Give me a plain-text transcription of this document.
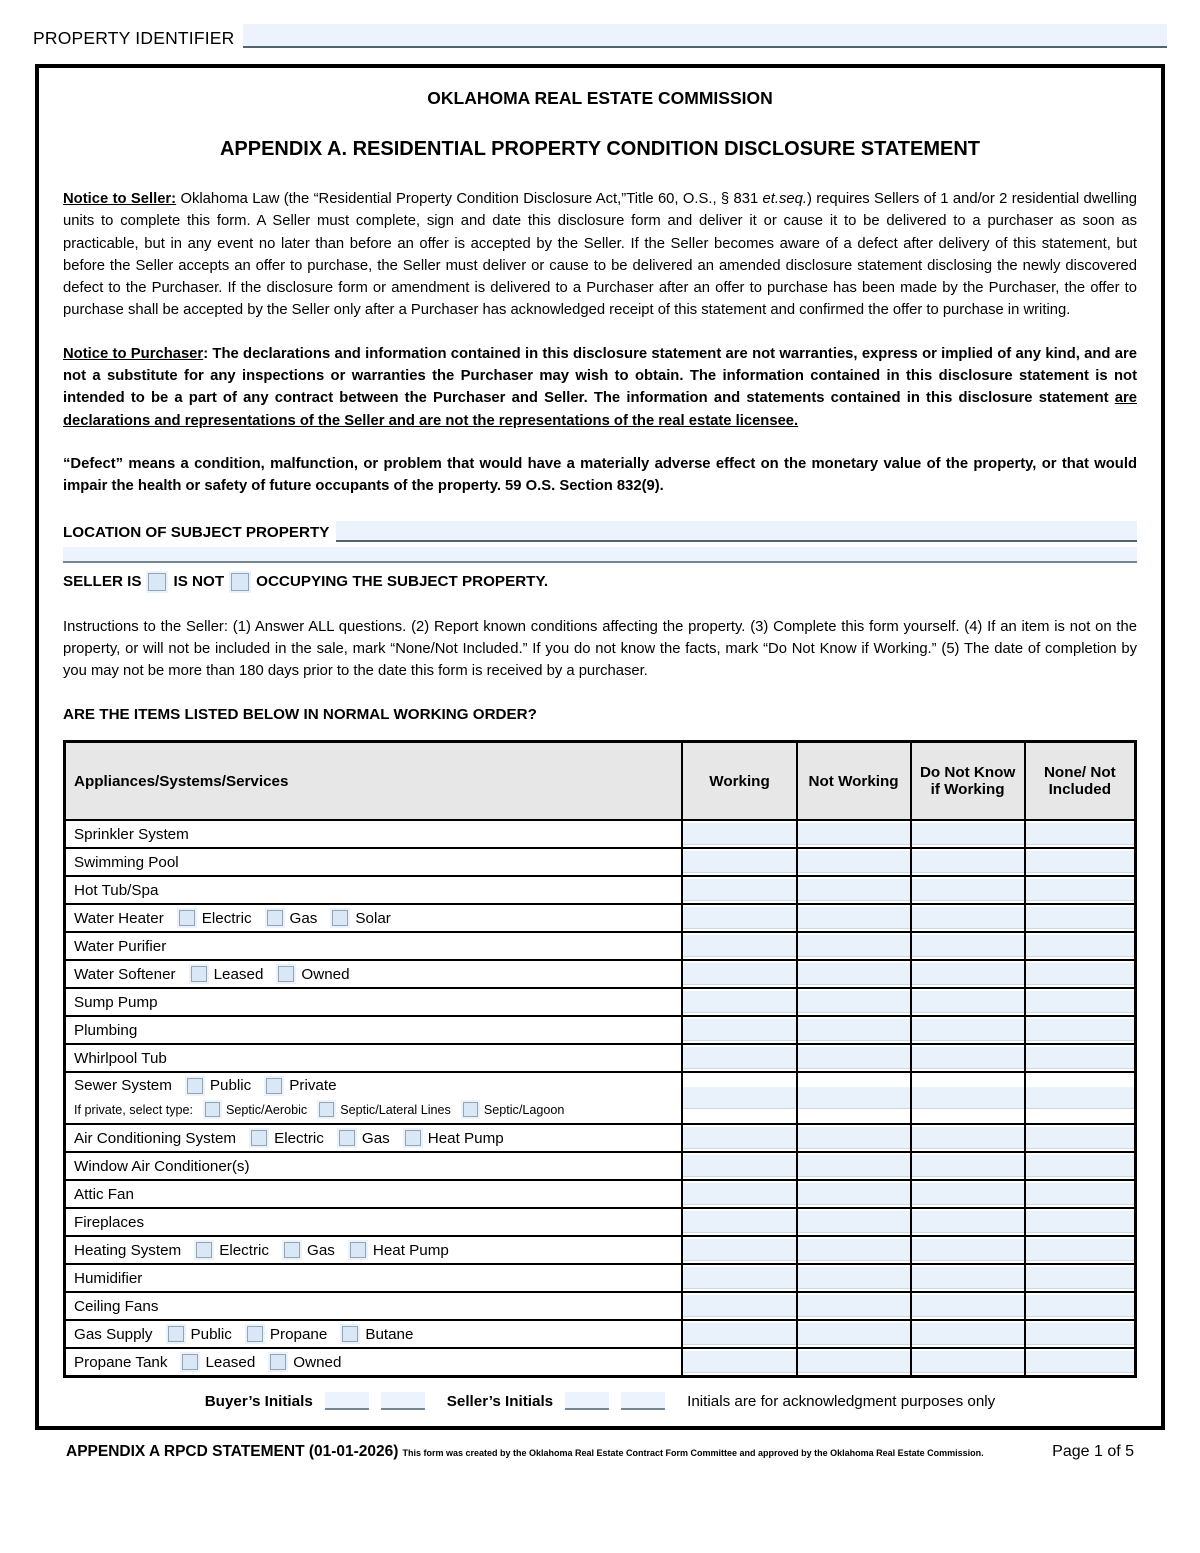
PROPERTY IDENTIFIER
OKLAHOMA REAL ESTATE COMMISSION
APPENDIX A. RESIDENTIAL PROPERTY CONDITION DISCLOSURE STATEMENT

Notice to Seller: Oklahoma Law (the “Residential Property Condition Disclosure Act,”Title 60, O.S., § 831 et.seq.) requires Sellers of 1 and/or 2 residential dwelling units to complete this form. A Seller must complete, sign and date this disclosure form and deliver it or cause it to be delivered to a purchaser as soon as practicable, but in any event no later than before an offer is accepted by the Seller. If the Seller becomes aware of a defect after delivery of this statement, but before the Seller accepts an offer to purchase, the Seller must deliver or cause to be delivered an amended disclosure statement disclosing the newly discovered defect to the Purchaser. If the disclosure form or amendment is delivered to a Purchaser after an offer to purchase has been made by the Purchaser, the offer to purchase shall be accepted by the Seller only after a Purchaser has acknowledged receipt of this statement and confirmed the offer to purchase in writing.

Notice to Purchaser: The declarations and information contained in this disclosure statement are not warranties, express or implied of any kind, and are not a substitute for any inspections or warranties the Purchaser may wish to obtain. The information contained in this disclosure statement is not intended to be a part of any contract between the Purchaser and Seller. The information and statements contained in this disclosure statement are declarations and representations of the Seller and are not the representations of the real estate licensee.

“Defect” means a condition, malfunction, or problem that would have a materially adverse effect on the monetary value of the property, or that would impair the health or safety of future occupants of the property. 59 O.S. Section 832(9).

LOCATION OF SUBJECT PROPERTY
SELLER IS IS NOT OCCUPYING THE SUBJECT PROPERTY.

Instructions to the Seller: (1) Answer ALL questions. (2) Report known conditions affecting the property. (3) Complete this form yourself. (4) If an item is not on the property, or will not be included in the sale, mark “None/Not Included.” If you do not know the facts, mark “Do Not Know if Working.” (5) The date of completion by you may not be more than 180 days prior to the date this form is received by a purchaser.

ARE THE ITEMS LISTED BELOW IN NORMAL WORKING ORDER?
Appliances/Systems/Services	Working	Not Working	Do Not Know if Working	None/ Not Included

Sprinkler System				

Swimming Pool				

Hot Tub/Spa				

Water Heater Electric Gas Solar				

Water Purifier				

Water Softener Leased Owned				

Sump Pump				

Plumbing				

Whirlpool Tub				

Sewer System	Public	Private
If private, select type:	Septic/Aerobic	Septic/Lateral Lines	Septic/Lagoon

Air Conditioning System Electric Gas Heat Pump				

Window Air Conditioner(s)				

Attic Fan				

Fireplaces				

Heating System Electric Gas Heat Pump				

Humidifier				

Ceiling Fans				

Gas Supply Public Propane Butane				

Propane Tank Leased Owned				

Buyer’s Initials	Seller’s Initials	Initials are for acknowledgment purposes only
APPENDIX A RPCD STATEMENT (01-01-2026) This form was created by the Oklahoma Real Estate Contract Form Committee and approved by the Oklahoma Real Estate Commission.	Page 1 of 5
